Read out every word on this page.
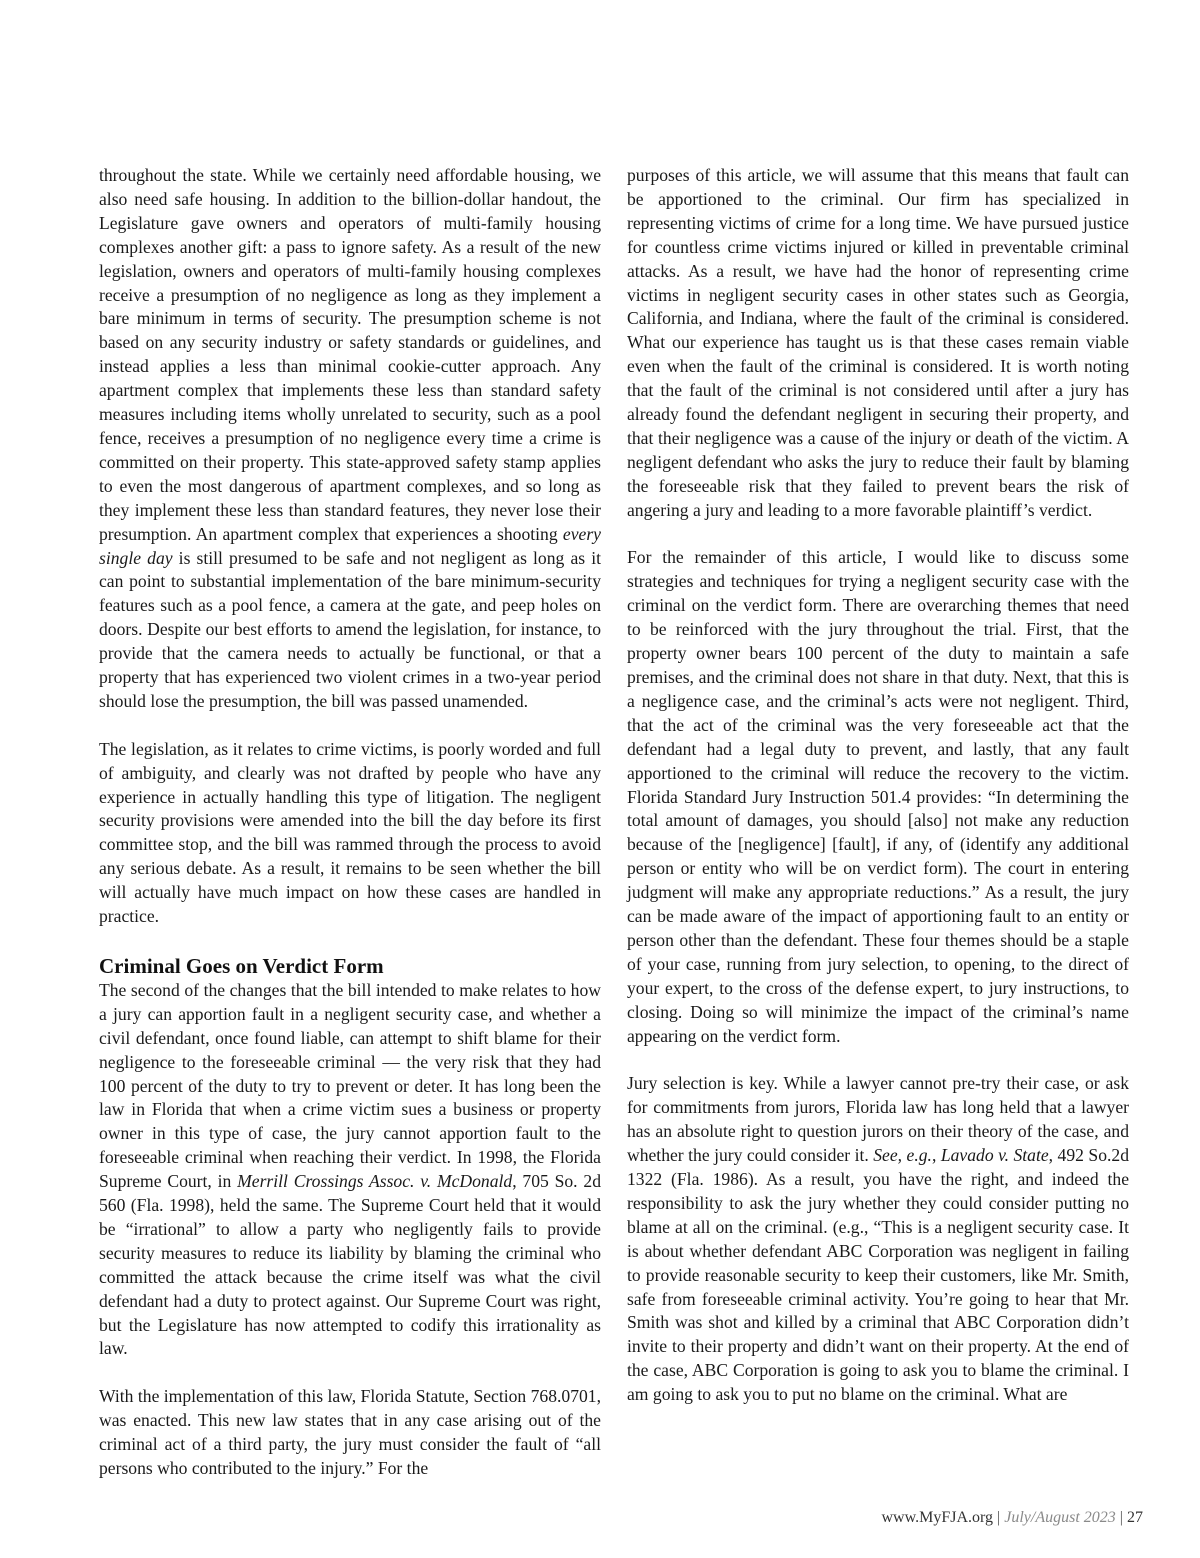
throughout the state. While we certainly need affordable housing, we also need safe housing. In addition to the billion-dollar handout, the Legislature gave owners and operators of multi-family housing complexes another gift: a pass to ignore safety. As a result of the new legislation, owners and operators of multi-family housing complexes receive a presumption of no negligence as long as they implement a bare minimum in terms of security. The presumption scheme is not based on any security industry or safety standards or guidelines, and instead applies a less than minimal cookie-cutter approach. Any apartment complex that implements these less than standard safety measures including items wholly unrelated to security, such as a pool fence, receives a presumption of no negligence every time a crime is committed on their property. This state-approved safety stamp applies to even the most dangerous of apartment complexes, and so long as they implement these less than standard features, they never lose their presumption. An apartment complex that experiences a shooting every single day is still presumed to be safe and not negligent as long as it can point to substantial implementation of the bare minimum-security features such as a pool fence, a camera at the gate, and peep holes on doors. Despite our best efforts to amend the legislation, for instance, to provide that the camera needs to actually be functional, or that a property that has experienced two violent crimes in a two-year period should lose the presumption, the bill was passed unamended.

The legislation, as it relates to crime victims, is poorly worded and full of ambiguity, and clearly was not drafted by people who have any experience in actually handling this type of litigation. The negligent security provisions were amended into the bill the day before its first committee stop, and the bill was rammed through the process to avoid any serious debate. As a result, it remains to be seen whether the bill will actually have much impact on how these cases are handled in practice.

Criminal Goes on Verdict Form

The second of the changes that the bill intended to make relates to how a jury can apportion fault in a negligent security case, and whether a civil defendant, once found liable, can attempt to shift blame for their negligence to the foreseeable criminal — the very risk that they had 100 percent of the duty to try to prevent or deter. It has long been the law in Florida that when a crime victim sues a business or property owner in this type of case, the jury cannot apportion fault to the foreseeable criminal when reaching their verdict. In 1998, the Florida Supreme Court, in Merrill Crossings Assoc. v. McDonald, 705 So. 2d 560 (Fla. 1998), held the same. The Supreme Court held that it would be “irrational” to allow a party who negligently fails to provide security measures to reduce its liability by blaming the criminal who committed the attack because the crime itself was what the civil defendant had a duty to protect against. Our Supreme Court was right, but the Legislature has now attempted to codify this irrationality as law.

With the implementation of this law, Florida Statute, Section 768.0701, was enacted. This new law states that in any case arising out of the criminal act of a third party, the jury must consider the fault of “all persons who contributed to the injury.” For the

purposes of this article, we will assume that this means that fault can be apportioned to the criminal. Our firm has specialized in representing victims of crime for a long time. We have pursued justice for countless crime victims injured or killed in preventable criminal attacks. As a result, we have had the honor of representing crime victims in negligent security cases in other states such as Georgia, California, and Indiana, where the fault of the criminal is considered. What our experience has taught us is that these cases remain viable even when the fault of the criminal is considered. It is worth noting that the fault of the criminal is not considered until after a jury has already found the defendant negligent in securing their property, and that their negligence was a cause of the injury or death of the victim. A negligent defendant who asks the jury to reduce their fault by blaming the foreseeable risk that they failed to prevent bears the risk of angering a jury and leading to a more favorable plaintiff’s verdict.

For the remainder of this article, I would like to discuss some strategies and techniques for trying a negligent security case with the criminal on the verdict form. There are overarching themes that need to be reinforced with the jury throughout the trial. First, that the property owner bears 100 percent of the duty to maintain a safe premises, and the criminal does not share in that duty. Next, that this is a negligence case, and the criminal’s acts were not negligent. Third, that the act of the criminal was the very foreseeable act that the defendant had a legal duty to prevent, and lastly, that any fault apportioned to the criminal will reduce the recovery to the victim. Florida Standard Jury Instruction 501.4 provides: “In determining the total amount of damages, you should [also] not make any reduction because of the [negligence] [fault], if any, of (identify any additional person or entity who will be on verdict form). The court in entering judgment will make any appropriate reductions.” As a result, the jury can be made aware of the impact of apportioning fault to an entity or person other than the defendant. These four themes should be a staple of your case, running from jury selection, to opening, to the direct of your expert, to the cross of the defense expert, to jury instructions, to closing. Doing so will minimize the impact of the criminal’s name appearing on the verdict form.

Jury selection is key. While a lawyer cannot pre-try their case, or ask for commitments from jurors, Florida law has long held that a lawyer has an absolute right to question jurors on their theory of the case, and whether the jury could consider it. See, e.g., Lavado v. State, 492 So.2d 1322 (Fla. 1986). As a result, you have the right, and indeed the responsibility to ask the jury whether they could consider putting no blame at all on the criminal. (e.g., “This is a negligent security case. It is about whether defendant ABC Corporation was negligent in failing to provide reasonable security to keep their customers, like Mr. Smith, safe from foreseeable criminal activity. You’re going to hear that Mr. Smith was shot and killed by a criminal that ABC Corporation didn’t invite to their property and didn’t want on their property. At the end of the case, ABC Corporation is going to ask you to blame the criminal. I am going to ask you to put no blame on the criminal. What are

www.MyFJA.org | July/August 2023 | 27
